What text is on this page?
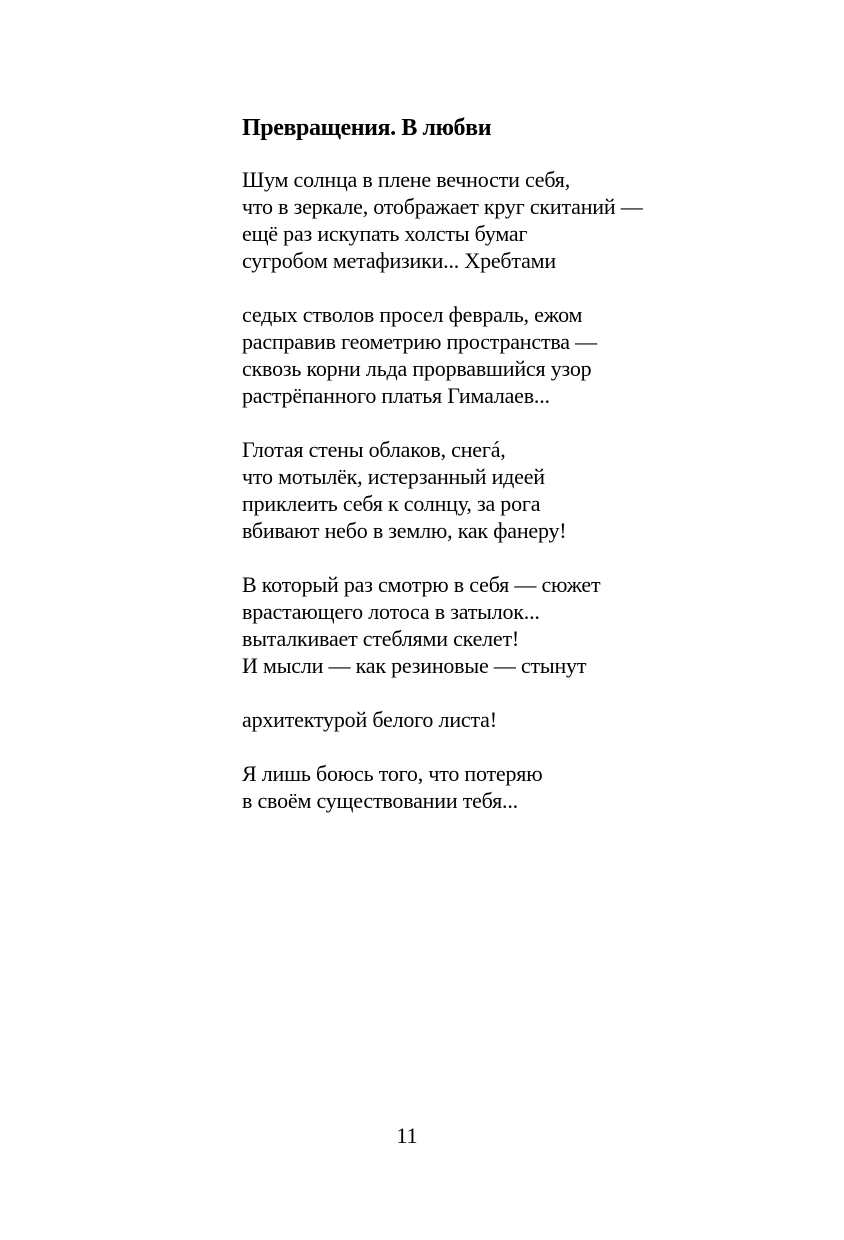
Превращения. В любви
Шум солнца в плене вечности себя,
что в зеркале, отображает круг скитаний —
ещё раз искупать холсты бумаг
сугробом метафизики... Хребтами
седых стволов просел февраль, ежом
расправив геометрию пространства —
сквозь корни льда прорвавшийся узор
растрёпанного платья Гималаев...
Глотая стены облаков, снегá,
что мотылёк, истерзанный идеей
приклеить себя к солнцу, за рога
вбивают небо в землю, как фанеру!
В который раз смотрю в себя — сюжет
врастающего лотоса в затылок...
выталкивает стеблями скелет!
И мысли — как резиновые — стынут
архитектурой белого листа!
Я лишь боюсь того, что потеряю
в своём существовании тебя...
11
